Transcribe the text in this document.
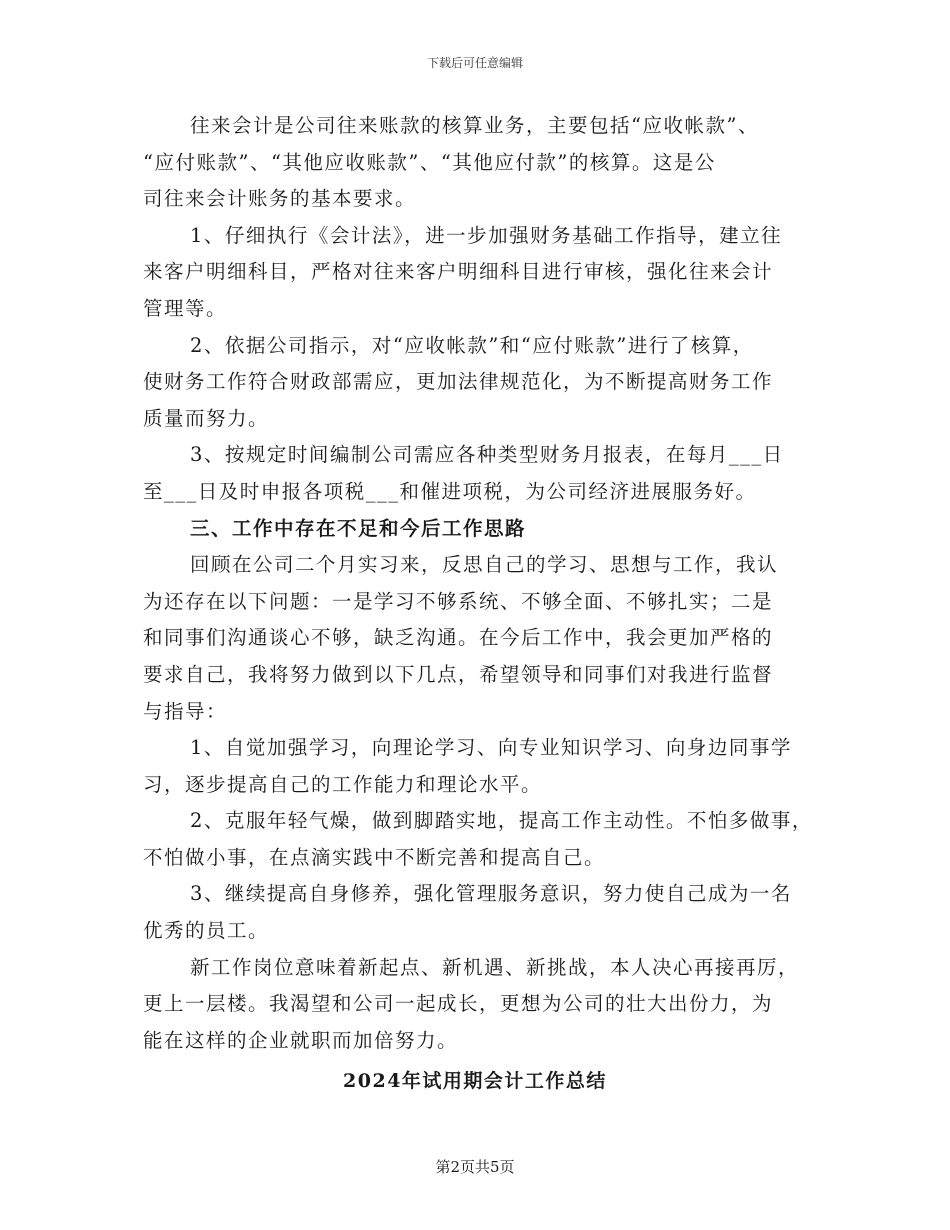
下载后可任意编辑
往来会计是公司往来账款的核算业务，主要包括“应收帐款”、
“应付账款”、“其他应收账款”、“其他应付款”的核算。这是公
司往来会计账务的基本要求。
1、仔细执行《会计法》，进一步加强财务基础工作指导，建立往
来客户明细科目，严格对往来客户明细科目进行审核，强化往来会计
管理等。
2、依据公司指示，对“应收帐款”和“应付账款”进行了核算，
使财务工作符合财政部需应，更加法律规范化，为不断提高财务工作
质量而努力。
3、按规定时间编制公司需应各种类型财务月报表，在每月___日
至___日及时申报各项税___和催进项税，为公司经济进展服务好。
三、工作中存在不足和今后工作思路
回顾在公司二个月实习来，反思自己的学习、思想与工作，我认
为还存在以下问题：一是学习不够系统、不够全面、不够扎实；二是
和同事们沟通谈心不够，缺乏沟通。在今后工作中，我会更加严格的
要求自己，我将努力做到以下几点，希望领导和同事们对我进行监督
与指导：
1、自觉加强学习，向理论学习、向专业知识学习、向身边同事学
习，逐步提高自己的工作能力和理论水平。
2、克服年轻气燥，做到脚踏实地，提高工作主动性。不怕多做事，
不怕做小事，在点滴实践中不断完善和提高自己。
3、继续提高自身修养，强化管理服务意识，努力使自己成为一名
优秀的员工。
新工作岗位意味着新起点、新机遇、新挑战，本人决心再接再厉，
更上一层楼。我渴望和公司一起成长，更想为公司的壮大出份力，为
能在这样的企业就职而加倍努力。
2024年试用期会计工作总结
第2页共5页
